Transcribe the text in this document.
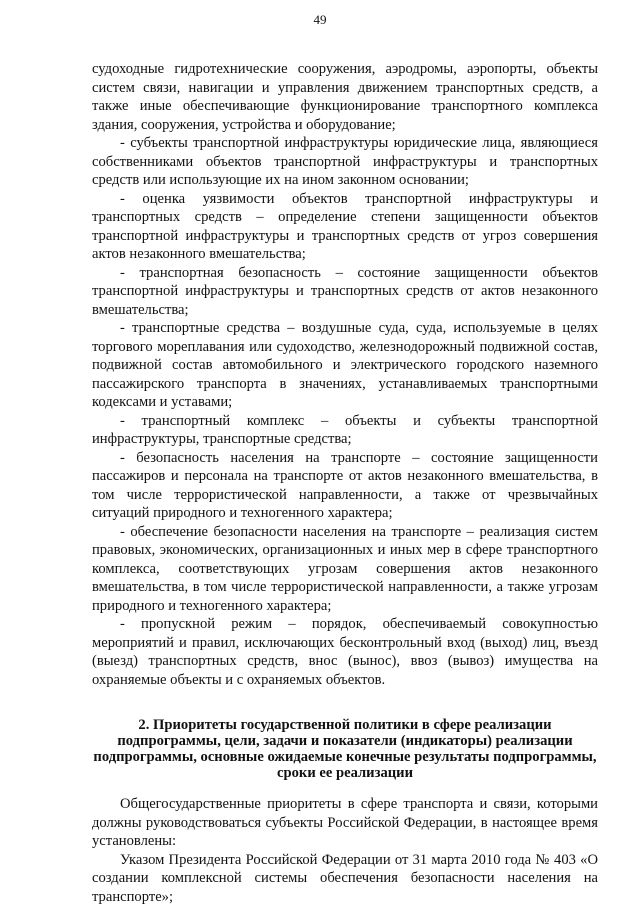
49

судоходные гидротехнические сооружения, аэродромы, аэропорты, объекты систем связи, навигации и управления движением транспортных средств, а также иные обеспечивающие функционирование транспортного комплекса здания, сооружения, устройства и оборудование;

- субъекты транспортной инфраструктуры юридические лица, являющиеся собственниками объектов транспортной инфраструктуры и транспортных средств или использующие их на ином законном основании;

- оценка уязвимости объектов транспортной инфраструктуры и транспортных средств – определение степени защищенности объектов транспортной инфраструктуры и транспортных средств от угроз совершения актов незаконного вмешательства;

- транспортная безопасность – состояние защищенности объектов транспортной инфраструктуры и транспортных средств от актов незаконного вмешательства;

- транспортные средства – воздушные суда, суда, используемые в целях торгового мореплавания или судоходство, железнодорожный подвижной состав, подвижной состав автомобильного и электрического городского наземного пассажирского транспорта в значениях, устанавливаемых транспортными кодексами и уставами;

- транспортный комплекс – объекты и субъекты транспортной инфраструктуры, транспортные средства;

- безопасность населения на транспорте – состояние защищенности пассажиров и персонала на транспорте от актов незаконного вмешательства, в том числе террористической направленности, а также от чрезвычайных ситуаций природного и техногенного характера;

- обеспечение безопасности населения на транспорте – реализация систем правовых, экономических, организационных и иных мер в сфере транспортного комплекса, соответствующих угрозам совершения актов незаконного вмешательства, в том числе террористической направленности, а также угрозам природного и техногенного характера;

- пропускной режим – порядок, обеспечиваемый совокупностью мероприятий и правил, исключающих бесконтрольный вход (выход) лиц, въезд (выезд) транспортных средств, внос (вынос), ввоз (вывоз) имущества на охраняемые объекты и с охраняемых объектов.

2. Приоритеты государственной политики в сфере реализации подпрограммы, цели, задачи и показатели (индикаторы) реализации подпрограммы, основные ожидаемые конечные результаты подпрограммы, сроки ее реализации

Общегосударственные приоритеты в сфере транспорта и связи, которыми должны руководствоваться субъекты Российской Федерации, в настоящее время установлены:

Указом Президента Российской Федерации от 31 марта 2010 года № 403 «О создании комплексной системы обеспечения безопасности населения на транспорте»;
